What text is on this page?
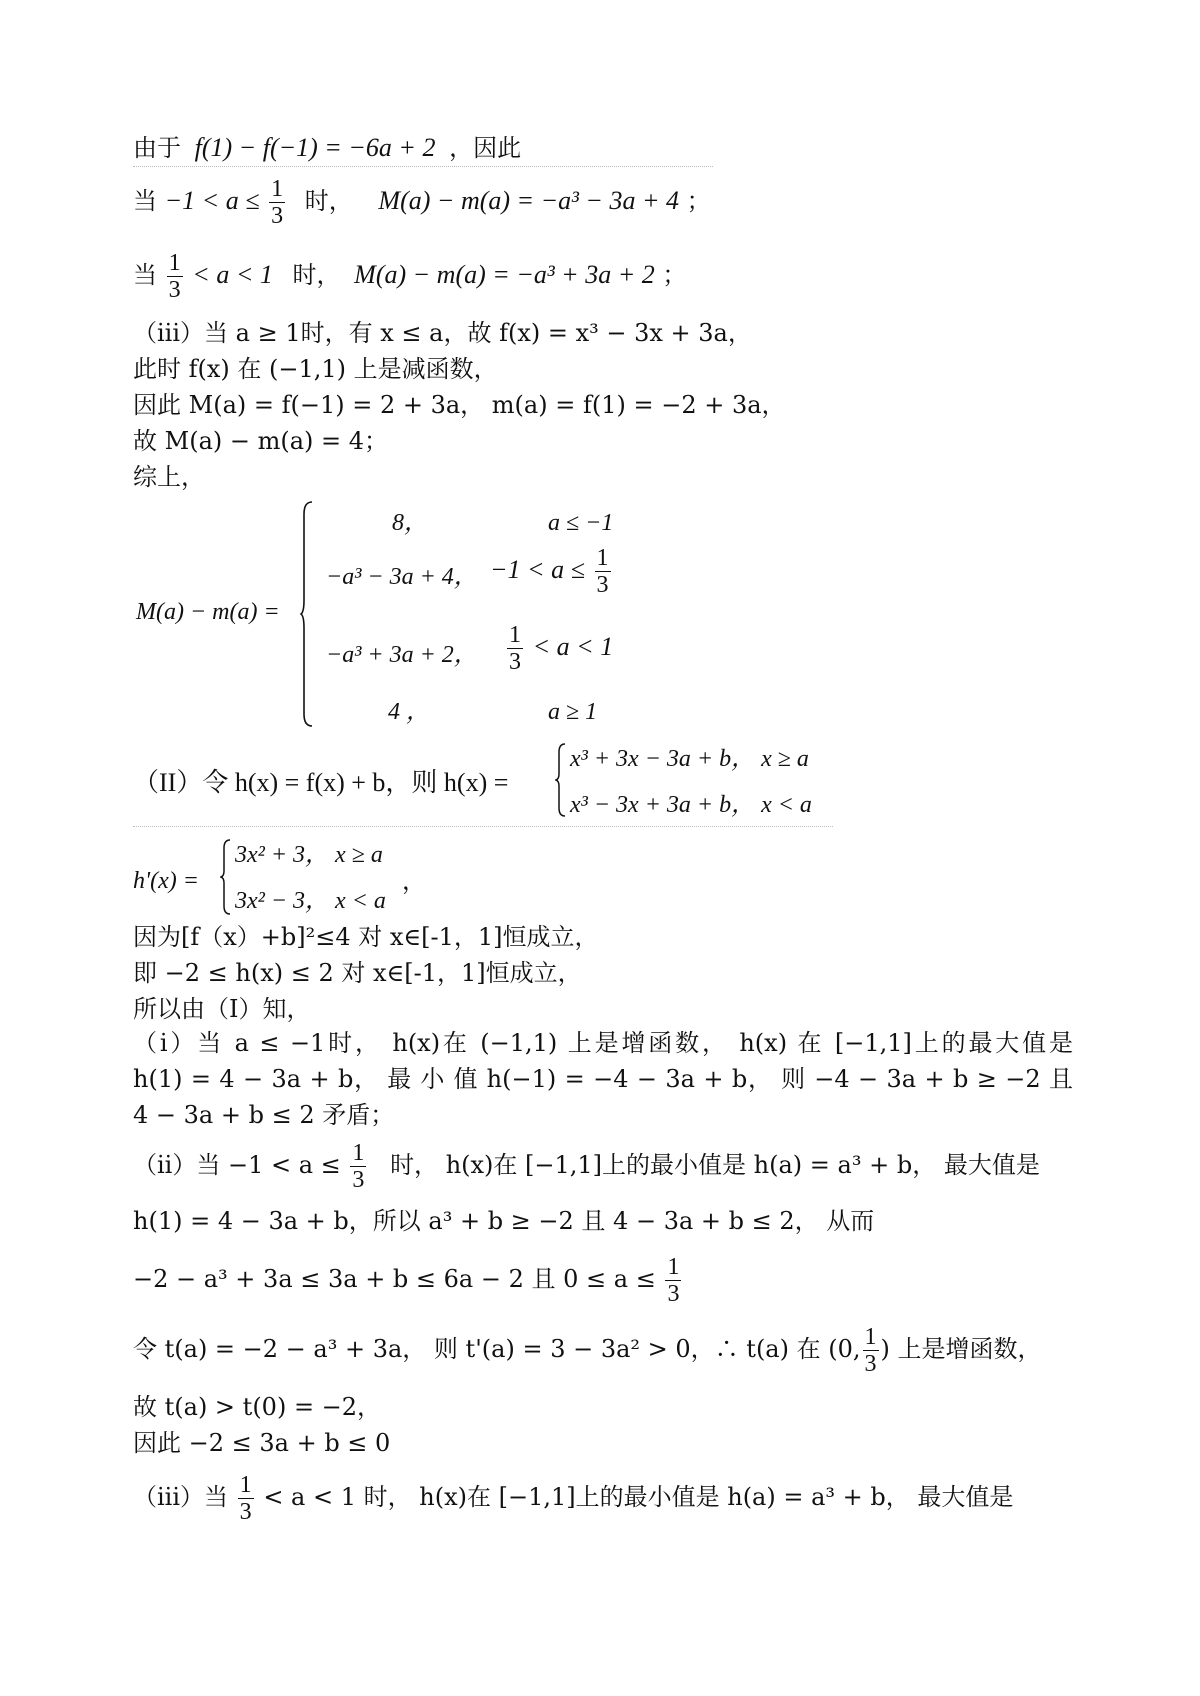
由于 f(1) − f(−1) = −6a + 2 ，因此
当 $-1 < a \le \frac{1}{3}$ 时， M(a) − m(a) = −a³ − 3a + 4 ；
当 $\frac{1}{3} < a < 1$ 时， M(a) − m(a) = −a³ + 3a + 2 ；
（iii）当 a ≥ 1时，有 x ≤ a，故 f(x) = x³ − 3x + 3a，
此时 f(x) 在 (−1,1) 上是减函数，
因此 M(a) = f(−1) = 2 + 3a， m(a) = f(1) = −2 + 3a，
故 M(a) − m(a) = 4；
综上，
M(a) − m(a) =
8，	a ≤ −1
−a³ − 3a + 4， $-1 < a \le \frac{1}{3}$
−a³ + 3a + 2， $\frac{1}{3} < a < 1$
4 ，	a ≥ 1
（II）令 h(x) = f(x) + b，则 h(x) =
x³ + 3x − 3a + b， x ≥ a
x³ − 3x + 3a + b， x < a
h'(x) =
3x² + 3， x ≥ a
3x² − 3， x < a
，
因为[f（x）+b]²≤4 对 x∈[-1，1]恒成立，
即 −2 ≤ h(x) ≤ 2 对 x∈[-1，1]恒成立，
所以由（I）知，
（i）当 a ≤ −1时， h(x)在 (−1,1) 上是增函数， h(x) 在 [−1,1]上的最大值是
h(1) = 4 − 3a + b， 最 小 值 h(−1) = −4 − 3a + b， 则 −4 − 3a + b ≥ −2 且
4 − 3a + b ≤ 2 矛盾；
（ii）当 $-1 < a \le \frac{1}{3}$ 时， h(x)在 [−1,1]上的最小值是 h(a) = a³ + b， 最大值是
h(1) = 4 − 3a + b，所以 a³ + b ≥ −2 且 4 − 3a + b ≤ 2， 从而
−2 − a³ + 3a ≤ 3a + b ≤ 6a − 2 且 $0 \le a \le \frac{1}{3}$
令 t(a) = −2 − a³ + 3a， 则 t'(a) = 3 − 3a² > 0，∴ t(a) 在 (0, $\frac{1}{3}$ ) 上是增函数，
故 t(a) > t(0) = −2，
因此 −2 ≤ 3a + b ≤ 0
（iii）当 $\frac{1}{3} < a < 1$ 时， h(x)在 [−1,1]上的最小值是 h(a) = a³ + b， 最大值是
